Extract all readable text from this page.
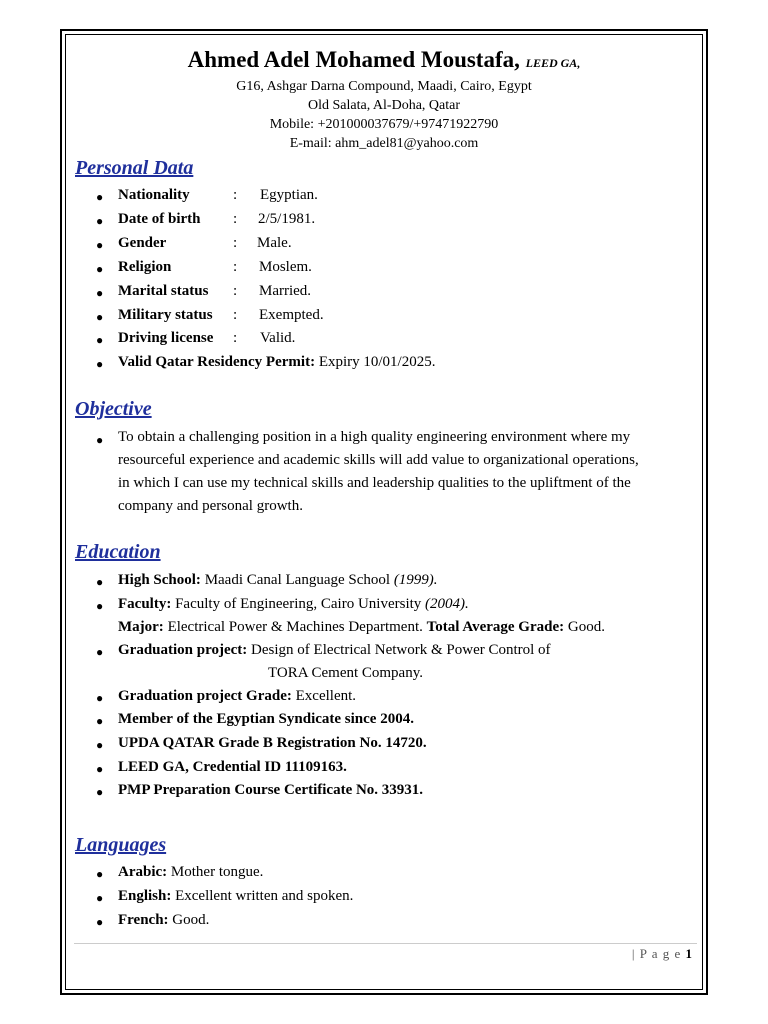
Ahmed Adel Mohamed Moustafa, LEED GA,
G16, Ashgar Darna Compound, Maadi, Cairo, Egypt
Old Salata, Al-Doha, Qatar
Mobile: +201000037679/+97471922790
E-mail: ahm_adel81@yahoo.com
Personal Data
● Nationality	: Egyptian.
● Date of birth : 2/5/1981.
● Gender	: Male.
● Religion	: Moslem.
● Marital status : Married.
● Military status : Exempted.
● Driving license : Valid.
● Valid Qatar Residency Permit: Expiry 10/01/2025.
Objective
● To obtain a challenging position in a high quality engineering environment where my
resourceful experience and academic skills will add value to organizational operations,
in which I can use my technical skills and leadership qualities to the upliftment of the
company and personal growth.
Education
● High School: Maadi Canal Language School (1999).
● Faculty: Faculty of Engineering, Cairo University (2004).
Major: Electrical Power & Machines Department. Total Average Grade: Good.
● Graduation project: Design of Electrical Network & Power Control of
TORA Cement Company.
● Graduation project Grade: Excellent.
● Member of the Egyptian Syndicate since 2004.
● UPDA QATAR Grade B Registration No. 14720.
● LEED GA, Credential ID 11109163.
● PMP Preparation Course Certificate No. 33931.
Languages
● Arabic: Mother tongue.
● English: Excellent written and spoken.
● French: Good.
| P a g e 1
